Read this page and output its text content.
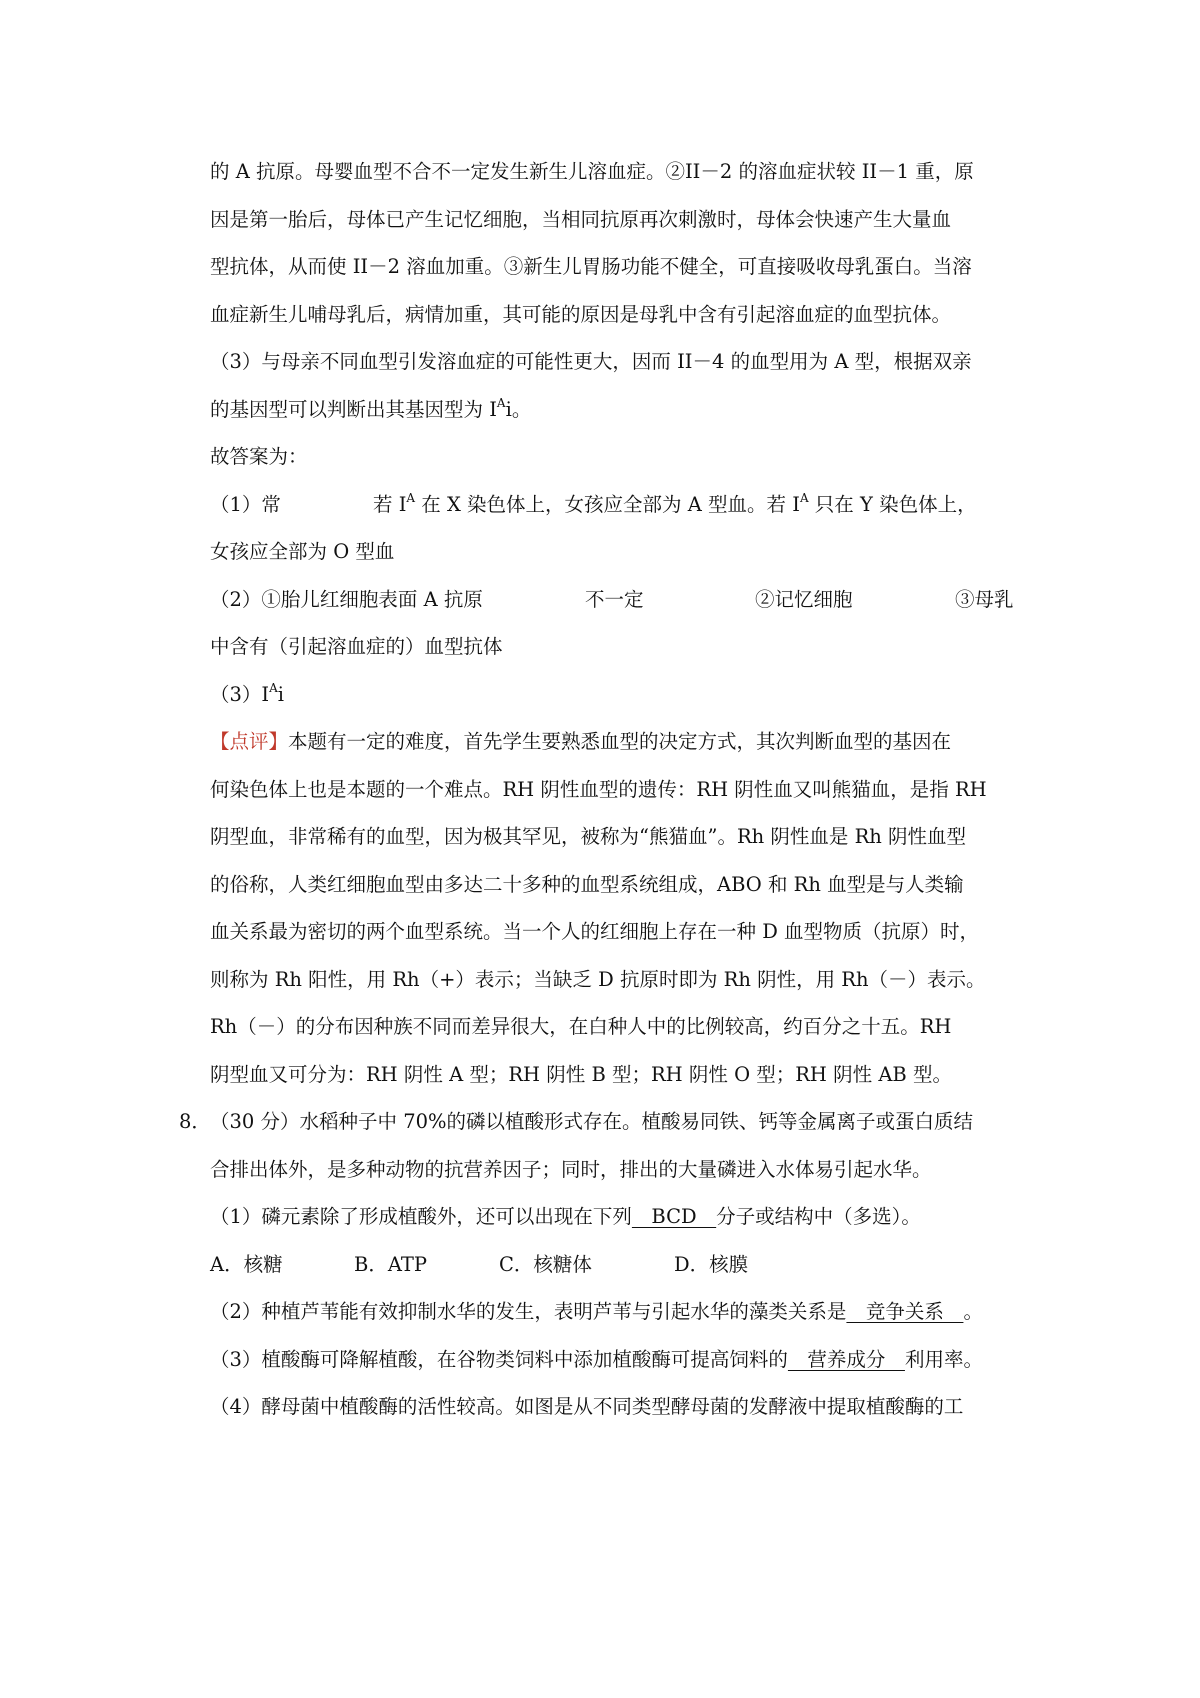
的 A 抗原。母婴血型不合不一定发生新生儿溶血症。②II－2 的溶血症状较 II－1 重，原

因是第一胎后，母体已产生记忆细胞，当相同抗原再次刺激时，母体会快速产生大量血

型抗体，从而使 II－2 溶血加重。③新生儿胃肠功能不健全，可直接吸收母乳蛋白。当溶

血症新生儿哺母乳后，病情加重，其可能的原因是母乳中含有引起溶血症的血型抗体。

（3）与母亲不同血型引发溶血症的可能性更大，因而 II－4 的血型用为 A 型，根据双亲

的基因型可以判断出其基因型为 $I^Ai$。

故答案为：

（1）常	若 $I^A$ 在 X 染色体上，女孩应全部为 A 型血。若 $I^A$ 只在 Y 染色体上，

女孩应全部为 O 型血

（2）①胎儿红细胞表面 A 抗原	不一定	②记忆细胞	③母乳

中含有（引起溶血症的）血型抗体

$(3)I^Ai$

【点评】本题有一定的难度，首先学生要熟悉血型的决定方式，其次判断血型的基因在

何染色体上也是本题的一个难点。RH 阴性血型的遗传：RH 阴性血又叫熊猫血，是指 RH

阴型血，非常稀有的血型，因为极其罕见，被称为“熊猫血”。Rh 阴性血是 Rh 阴性血型

的俗称，人类红细胞血型由多达二十多种的血型系统组成，ABO 和 Rh 血型是与人类输

血关系最为密切的两个血型系统。当一个人的红细胞上存在一种 D 血型物质（抗原）时，

则称为 Rh 阳性，用 Rh（+）表示；当缺乏 D 抗原时即为 Rh 阴性，用 Rh（－）表示。

Rh（－）的分布因种族不同而差异很大，在白种人中的比例较高，约百分之十五。RH

阴型血又可分为：RH 阴性 A 型；RH 阴性 B 型；RH 阴性 O 型；RH 阴性 AB 型。

8． （30 分）水稻种子中 70%的磷以植酸形式存在。植酸易同铁、钙等金属离子或蛋白质结

合排出体外，是多种动物的抗营养因子；同时，排出的大量磷进入水体易引起水华。

（1）磷元素除了形成植酸外，还可以出现在下列　BCD　分子或结构中（多选）。

A．核糖	B．ATP	C．核糖体	D．核膜

（2）种植芦苇能有效抑制水华的发生，表明芦苇与引起水华的藻类关系是　竞争关系　。

（3）植酸酶可降解植酸，在谷物类饲料中添加植酸酶可提高饲料的　营养成分　利用率。

（4）酵母菌中植酸酶的活性较高。如图是从不同类型酵母菌的发酵液中提取植酸酶的工
